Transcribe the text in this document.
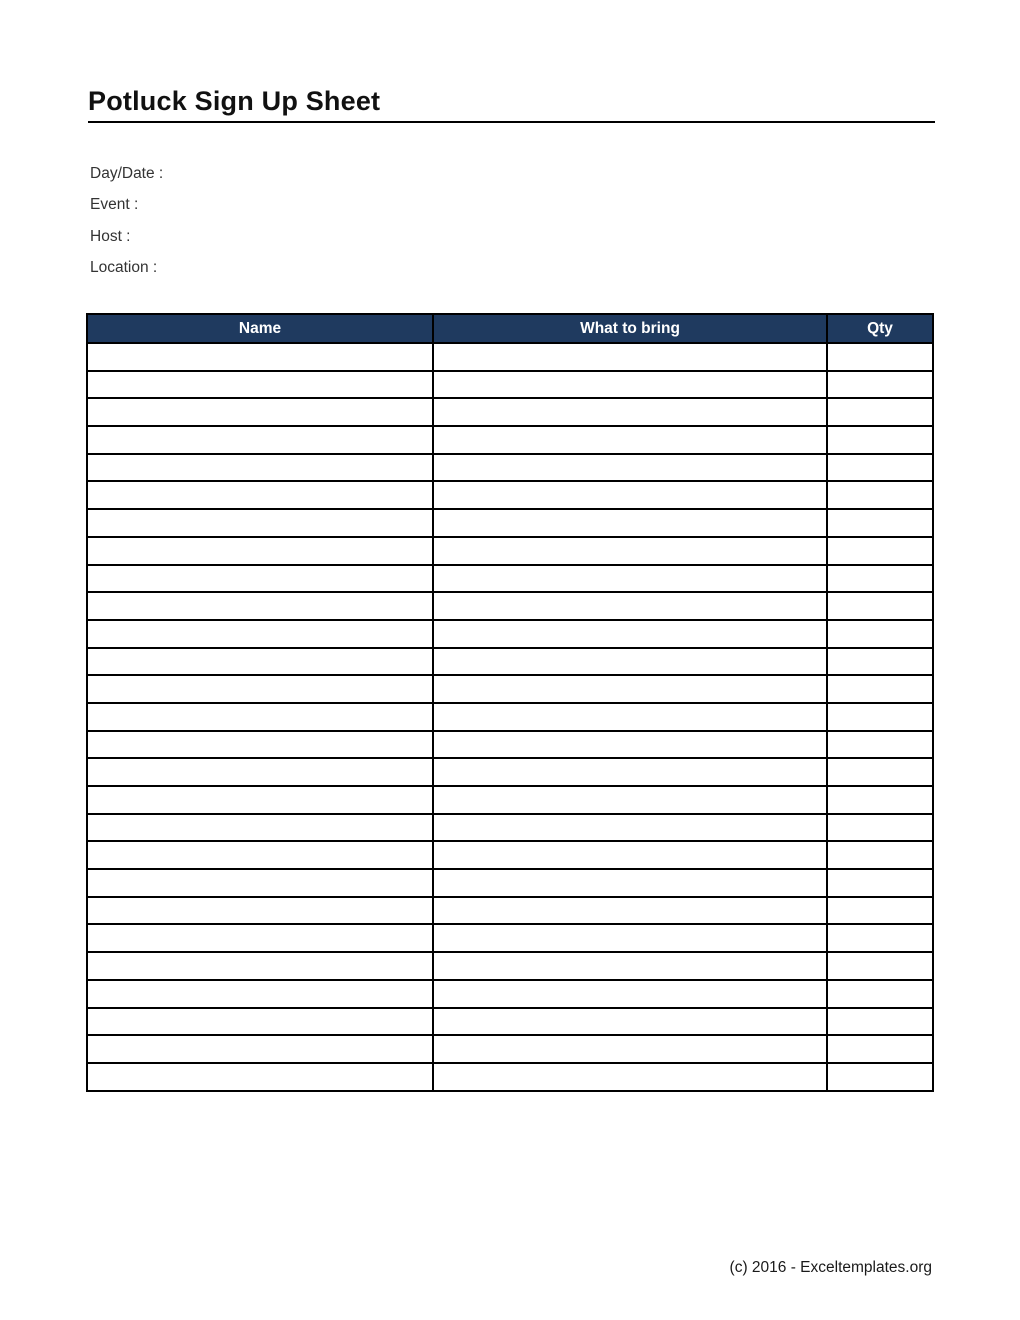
Potluck Sign Up Sheet
Day/Date :
Event :
Host :
Location :
Name	What to bring	Qty

(c) 2016 - Exceltemplates.org
